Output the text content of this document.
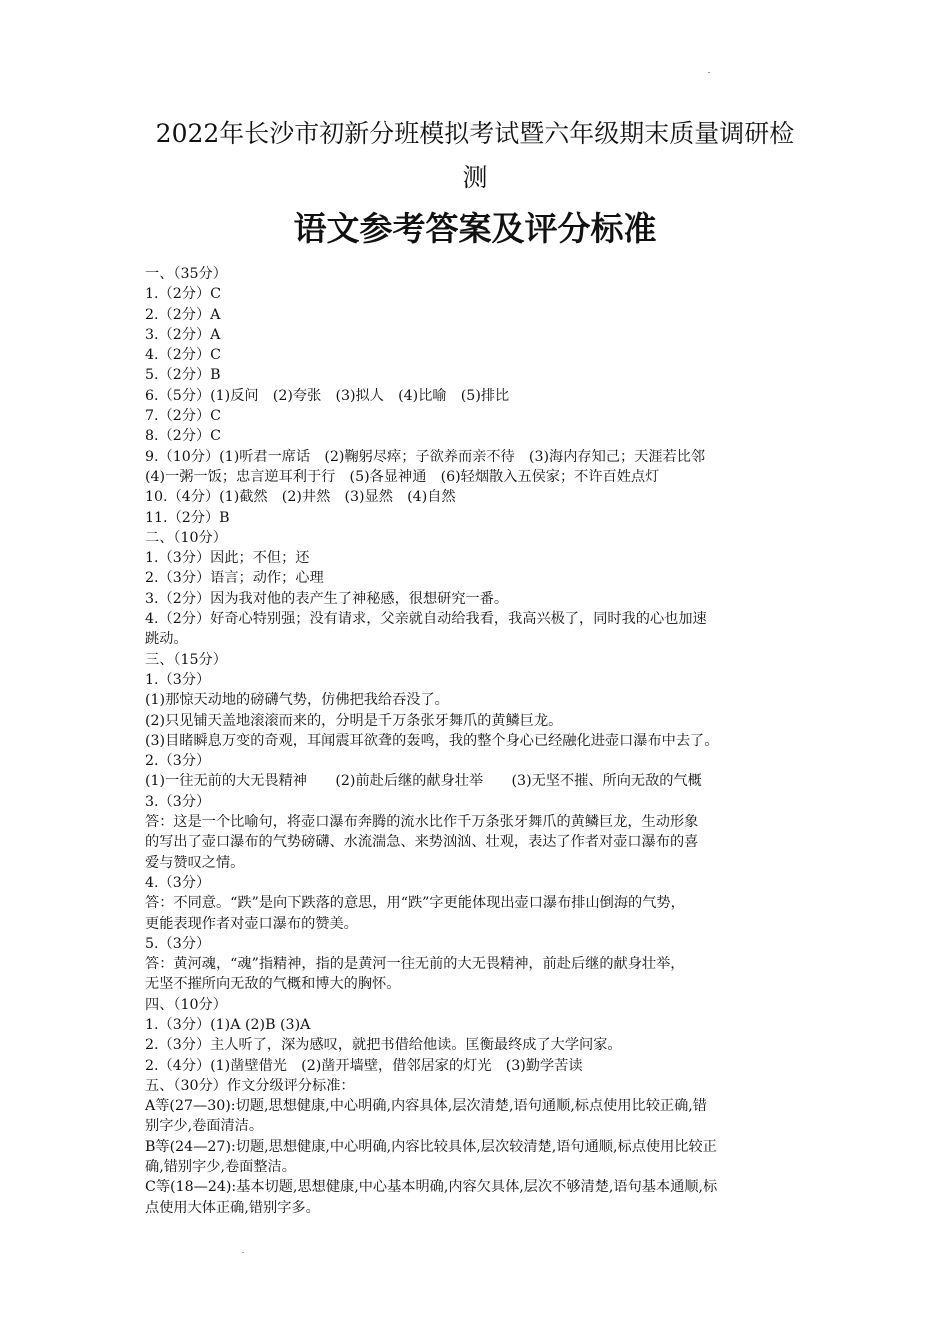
2022年长沙市初新分班模拟考试暨六年级期末质量调研检
测
语文参考答案及评分标准
一、（35分）
1.（2分）C
2.（2分）A
3.（2分）A
4.（2分）C
5.（2分）B
6.（5分）(1)反问　(2)夸张　(3)拟人　(4)比喻　(5)排比
7.（2分）C
8.（2分）C
9.（10分）(1)听君一席话　(2)鞠躬尽瘁；子欲养而亲不待　(3)海内存知己；天涯若比邻
(4)一粥一饭；忠言逆耳利于行　(5)各显神通　(6)轻烟散入五侯家；不许百姓点灯
10.（4分）(1)截然　(2)井然　(3)显然　(4)自然
11.（2分）B
二、（10分）
1.（3分）因此；不但；还
2.（3分）语言；动作；心理
3.（2分）因为我对他的表产生了神秘感，很想研究一番。
4.（2分）好奇心特别强；没有请求，父亲就自动给我看，我高兴极了，同时我的心也加速
跳动。
三、（15分）
1.（3分）
(1)那惊天动地的磅礴气势，仿佛把我给吞没了。
(2)只见铺天盖地滚滚而来的，分明是千万条张牙舞爪的黄鳞巨龙。
(3)目睹瞬息万变的奇观，耳闻震耳欲聋的轰鸣，我的整个身心已经融化进壶口瀑布中去了。
2.（3分）
(1)一往无前的大无畏精神　　(2)前赴后继的献身壮举　　(3)无坚不摧、所向无敌的气概
3.（3分）
答：这是一个比喻句，将壶口瀑布奔腾的流水比作千万条张牙舞爪的黄鳞巨龙，生动形象
的写出了壶口瀑布的气势磅礴、水流湍急、来势汹汹、壮观，表达了作者对壶口瀑布的喜
爱与赞叹之情。
4.（3分）
答：不同意。“跌”是向下跌落的意思，用“跌”字更能体现出壶口瀑布排山倒海的气势，
更能表现作者对壶口瀑布的赞美。
5.（3分）
答：黄河魂，“魂”指精神，指的是黄河一往无前的大无畏精神，前赴后继的献身壮举，
无坚不摧所向无敌的气概和博大的胸怀。
四、（10分）
1.（3分）(1)A (2)B (3)A
2.（3分）主人听了，深为感叹，就把书借给他读。匡衡最终成了大学问家。
2.（4分）(1)凿壁借光　(2)凿开墙壁，借邻居家的灯光　(3)勤学苦读
五、（30分）作文分级评分标准：
A等(27—30):切题,思想健康,中心明确,内容具体,层次清楚,语句通顺,标点使用比较正确,错
别字少,卷面清洁。
B等(24—27):切题,思想健康,中心明确,内容比较具体,层次较清楚,语句通顺,标点使用比较正
确,错别字少,卷面整洁。
C等(18—24):基本切题,思想健康,中心基本明确,内容欠具体,层次不够清楚,语句基本通顺,标
点使用大体正确,错别字多。
